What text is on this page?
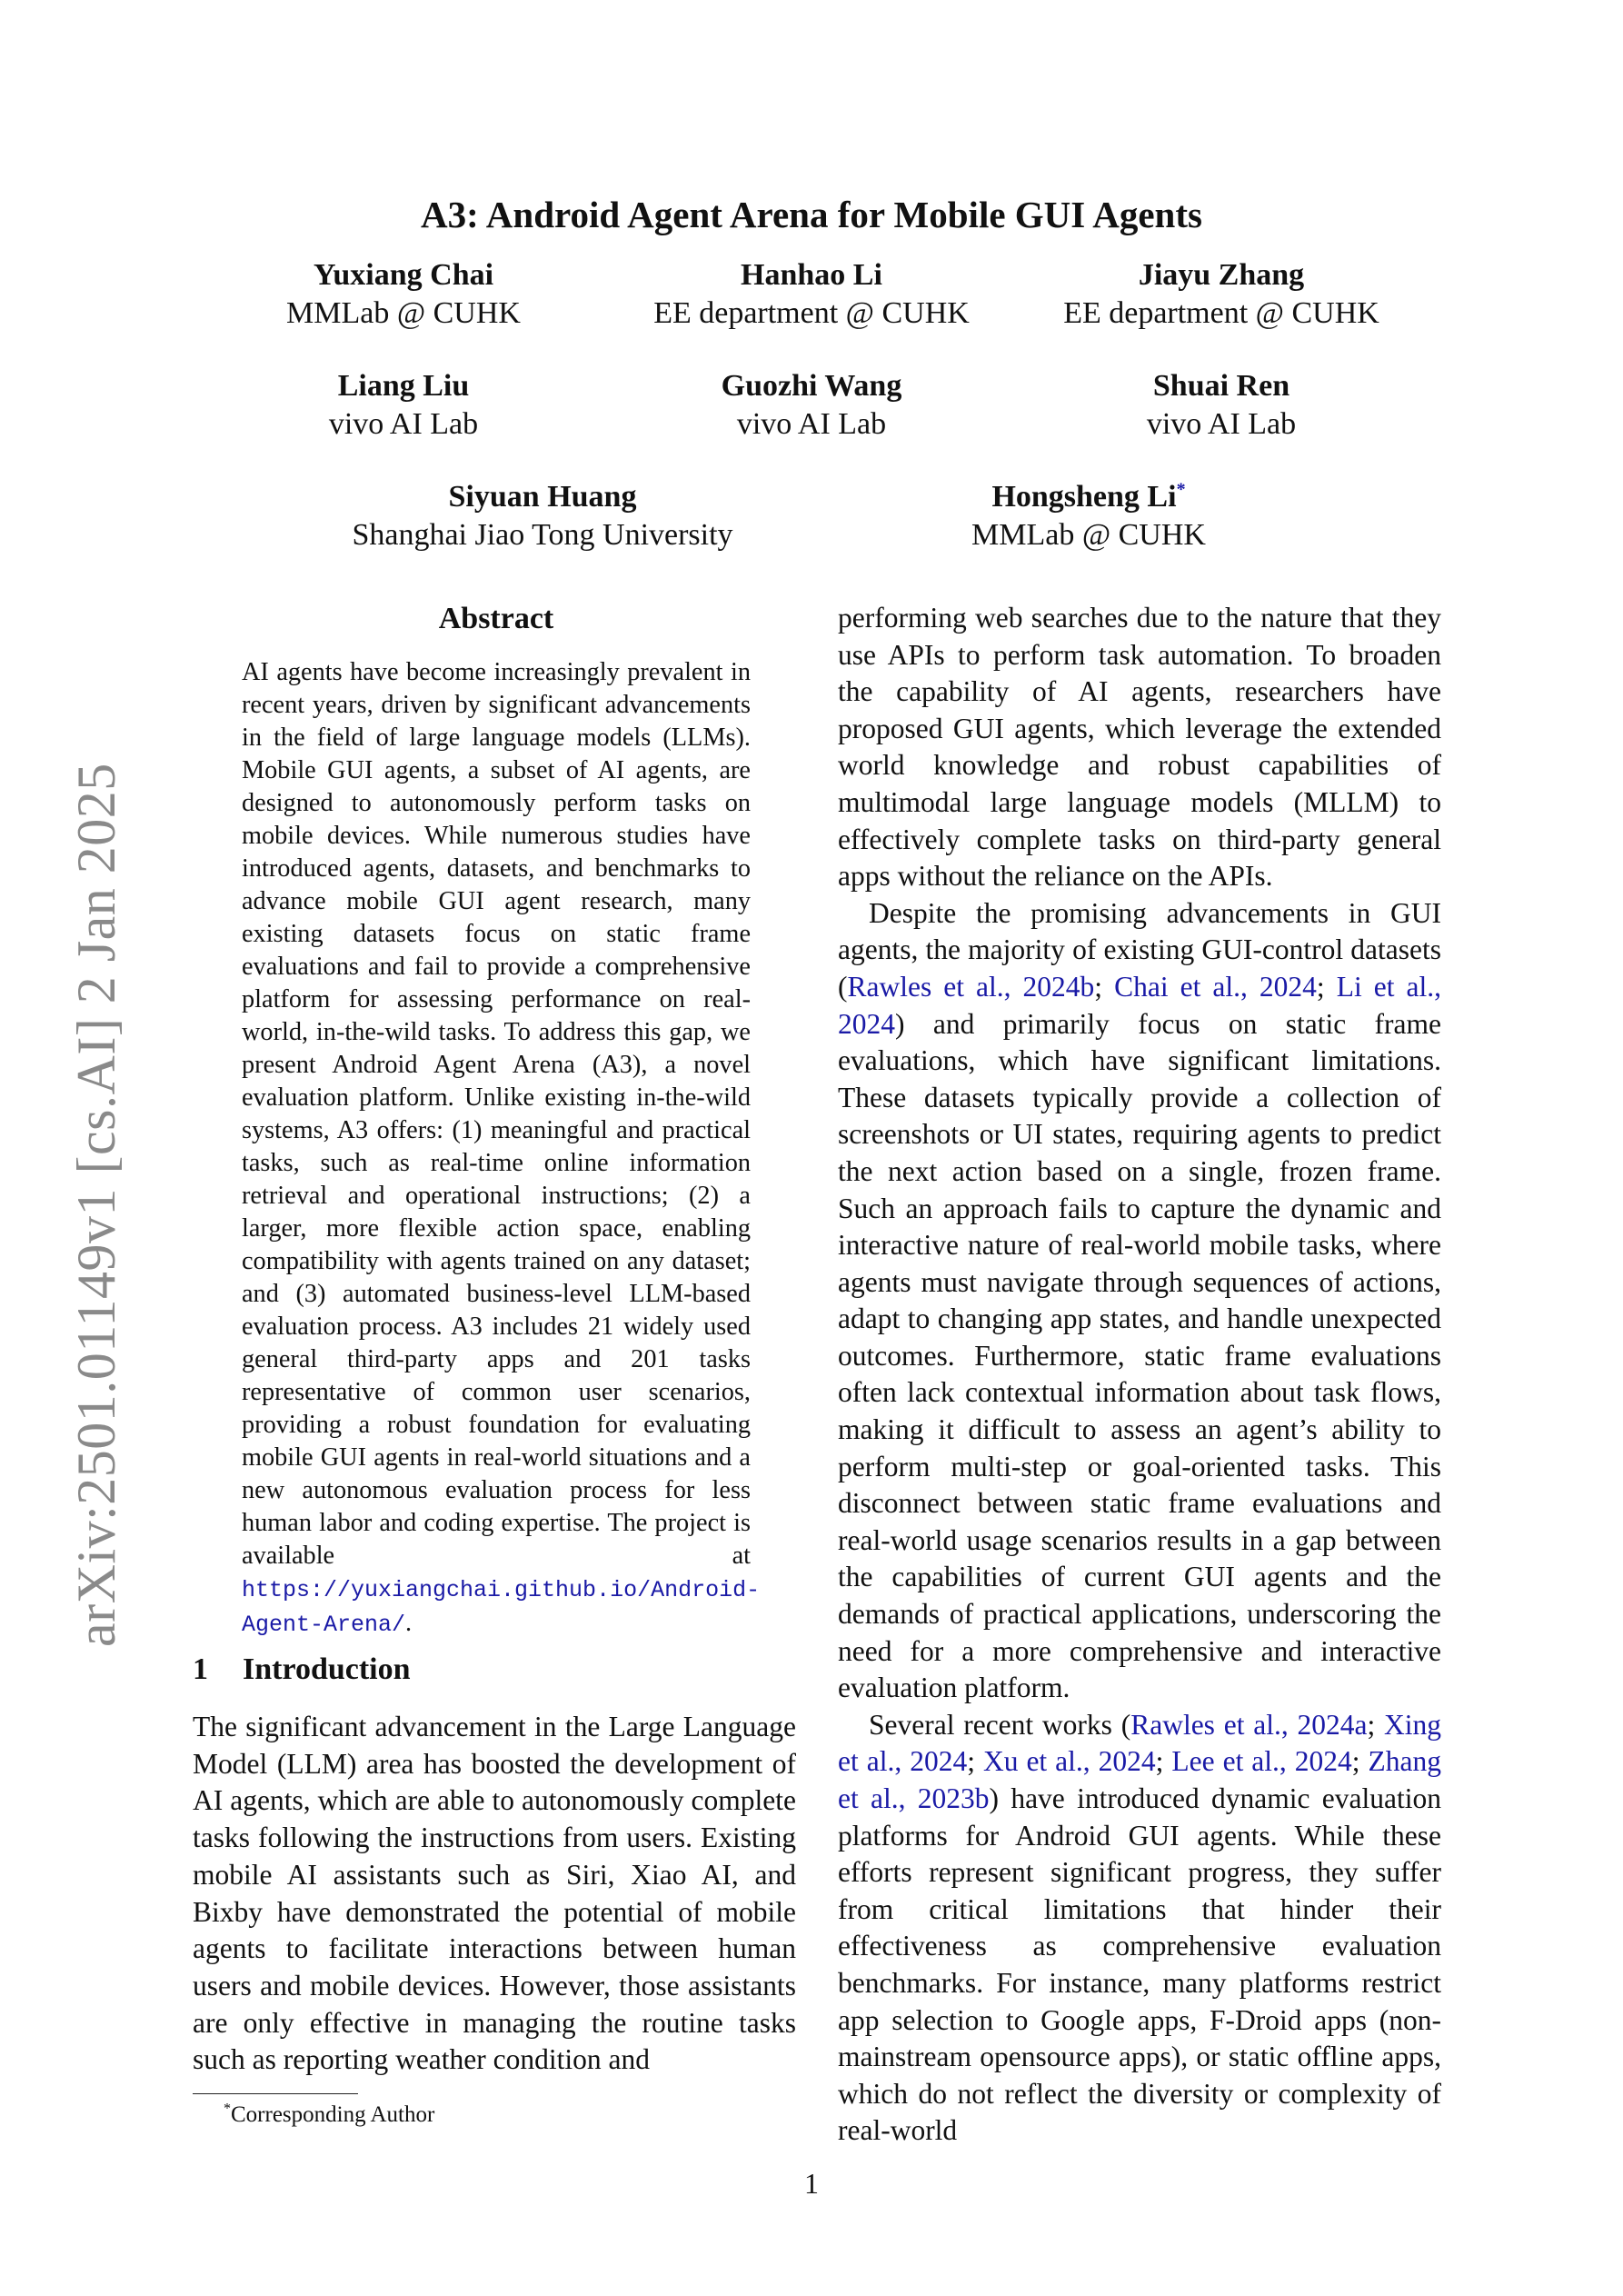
A3: Android Agent Arena for Mobile GUI Agents
Yuxiang Chai
MMLab @ CUHK
Hanhao Li
EE department @ CUHK
Jiayu Zhang
EE department @ CUHK
Liang Liu
vivo AI Lab
Guozhi Wang
vivo AI Lab
Shuai Ren
vivo AI Lab
Siyuan Huang
Shanghai Jiao Tong University
Hongsheng Li*
MMLab @ CUHK
arXiv:2501.01149v1 [cs.AI] 2 Jan 2025
Abstract
AI agents have become increasingly prevalent in recent years, driven by significant advancements in the field of large language models (LLMs). Mobile GUI agents, a subset of AI agents, are designed to autonomously perform tasks on mobile devices. While numerous studies have introduced agents, datasets, and benchmarks to advance mobile GUI agent research, many existing datasets focus on static frame evaluations and fail to provide a comprehensive platform for assessing performance on real-world, in-the-wild tasks. To address this gap, we present Android Agent Arena (A3), a novel evaluation platform. Unlike existing in-the-wild systems, A3 offers: (1) meaningful and practical tasks, such as real-time online information retrieval and operational instructions; (2) a larger, more flexible action space, enabling compatibility with agents trained on any dataset; and (3) automated business-level LLM-based evaluation process. A3 includes 21 widely used general third-party apps and 201 tasks representative of common user scenarios, providing a robust foundation for evaluating mobile GUI agents in real-world situations and a new autonomous evaluation process for less human labor and coding expertise. The project is available at https://yuxiangchai.github.io/Android-Agent-Arena/.
1 Introduction
The significant advancement in the Large Language Model (LLM) area has boosted the development of AI agents, which are able to autonomously complete tasks following the instructions from users. Existing mobile AI assistants such as Siri, Xiao AI, and Bixby have demonstrated the potential of mobile agents to facilitate interactions between human users and mobile devices. However, those assistants are only effective in managing the routine tasks such as reporting weather condition and
*Corresponding Author

performing web searches due to the nature that they use APIs to perform task automation. To broaden the capability of AI agents, researchers have proposed GUI agents, which leverage the extended world knowledge and robust capabilities of multimodal large language models (MLLM) to effectively complete tasks on third-party general apps without the reliance on the APIs.

Despite the promising advancements in GUI agents, the majority of existing GUI-control datasets (Rawles et al., 2024b; Chai et al., 2024; Li et al., 2024) and primarily focus on static frame evaluations, which have significant limitations. These datasets typically provide a collection of screenshots or UI states, requiring agents to predict the next action based on a single, frozen frame. Such an approach fails to capture the dynamic and interactive nature of real-world mobile tasks, where agents must navigate through sequences of actions, adapt to changing app states, and handle unexpected outcomes. Furthermore, static frame evaluations often lack contextual information about task flows, making it difficult to assess an agent’s ability to perform multi-step or goal-oriented tasks. This disconnect between static frame evaluations and real-world usage scenarios results in a gap between the capabilities of current GUI agents and the demands of practical applications, underscoring the need for a more comprehensive and interactive evaluation platform.

Several recent works (Rawles et al., 2024a; Xing et al., 2024; Xu et al., 2024; Lee et al., 2024; Zhang et al., 2023b) have introduced dynamic evaluation platforms for Android GUI agents. While these efforts represent significant progress, they suffer from critical limitations that hinder their effectiveness as comprehensive evaluation benchmarks. For instance, many platforms restrict app selection to Google apps, F-Droid apps (non-mainstream opensource apps), or static offline apps, which do not reflect the diversity or complexity of real-world

1
